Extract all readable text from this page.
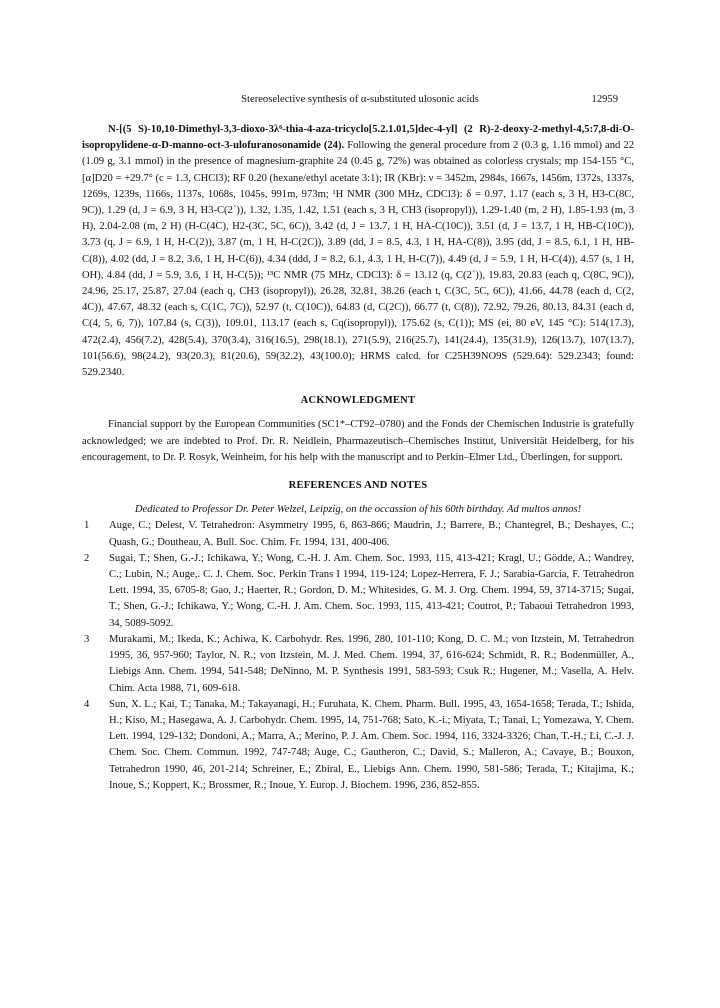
Stereoselective synthesis of α-substituted ulosonic acids	12959

N-[(5 S)-10,10-Dimethyl-3,3-dioxo-3λ⁶-thia-4-aza-tricyclo[5.2.1.01,5]dec-4-yl] (2 R)-2-deoxy-2-methyl-4,5:7,8-di-O-isopropylidene-α-D-manno-oct-3-ulofuranosonamide (24). Following the general procedure from 2 (0.3 g, 1.16 mmol) and 22 (1.09 g, 3.1 mmol) in the presence of magnesium-graphite 24 (0.45 g, 72%) was obtained as colorless crystals; mp 154-155 °C, [α]D20 = +29.7° (c = 1.3, CHCl3); RF 0.20 (hexane/ethyl acetate 3:1); IR (KBr): ν = 3452m, 2984s, 1667s, 1456m, 1372s, 1337s, 1269s, 1239s, 1166s, 1137s, 1068s, 1045s, 991m, 973m; ¹H NMR (300 MHz, CDCl3): δ = 0.97, 1.17 (each s, 3 H, H3-C(8C, 9C)), 1.29 (d, J = 6.9, 3 H, H3-C(2´)), 1.32, 1.35, 1.42, 1.51 (each s, 3 H, CH3 (isopropyl)), 1.29-1.40 (m, 2 H), 1.85-1.93 (m, 3 H), 2.04-2.08 (m, 2 H) (H-C(4C), H2-(3C, 5C, 6C)), 3.42 (d, J = 13.7, 1 H, HA-C(10C)), 3.51 (d, J = 13.7, 1 H, HB-C(10C)), 3.73 (q, J = 6.9, 1 H, H-C(2)), 3.87 (m, 1 H, H-C(2C)), 3.89 (dd, J = 8.5, 4.3, 1 H, HA-C(8)), 3.95 (dd, J = 8.5, 6.1, 1 H, HB-C(8)), 4.02 (dd, J = 8.2, 3.6, 1 H, H-C(6)), 4.34 (ddd, J = 8.2, 6.1, 4.3, 1 H, H-C(7)), 4.49 (d, J = 5.9, 1 H, H-C(4)), 4.57 (s, 1 H, OH), 4.84 (dd, J = 5.9, 3.6, 1 H, H-C(5)); ¹³C NMR (75 MHz, CDCl3): δ = 13.12 (q, C(2´)), 19.83, 20.83 (each q, C(8C, 9C)), 24.96, 25.17, 25.87, 27.04 (each q, CH3 (isopropyl)), 26.28, 32.81, 38.26 (each t, C(3C, 5C, 6C)), 41.66, 44.78 (each d, C(2, 4C)), 47.67, 48.32 (each s, C(1C, 7C)), 52.97 (t, C(10C)), 64.83 (d, C(2C)), 66.77 (t, C(8)), 72.92, 79.26, 80.13, 84.31 (each d, C(4, 5, 6, 7)), 107.84 (s, C(3)), 109.01, 113.17 (each s, Cq(isopropyl)), 175.62 (s, C(1)); MS (ei, 80 eV, 145 °C): 514(17.3), 472(2.4), 456(7.2), 428(5.4), 370(3.4), 316(16.5), 298(18.1), 271(5.9), 216(25.7), 141(24.4), 135(31.9), 126(13.7), 107(13.7), 101(56.6), 98(24.2), 93(20.3), 81(20.6), 59(32.2), 43(100.0); HRMS calcd. for C25H39NO9S (529.64): 529.2343; found: 529.2340.

ACKNOWLEDGMENT

Financial support by the European Communities (SC1*–CT92–0780) and the Fonds der Chemischen Industrie is gratefully acknowledged; we are indebted to Prof. Dr. R. Neidlein, Pharmazeutisch–Chemisches Institut, Universität Heidelberg, for his encouragement, to Dr. P. Rosyk, Weinheim, for his help with the manuscript and to Perkin–Elmer Ltd., Überlingen, for support.

REFERENCES AND NOTES

Dedicated to Professor Dr. Peter Welzel, Leipzig, on the occassion of his 60th birthday. Ad multos annos!

1 Auge, C.; Delest, V. Tetrahedron: Asymmetry 1995, 6, 863-866; Maudrin, J.; Barrere, B.; Chantegrel, B.; Deshayes, C.; Quash, G.; Doutheau, A. Bull. Soc. Chim. Fr. 1994, 131, 400-406.
2 Sugai, T.; Shen, G.-J.; Ichikawa, Y.; Wong, C.-H. J. Am. Chem. Soc. 1993, 115, 413-421; Kragl, U.; Gödde, A.; Wandrey, C.; Lubin, N.; Auge,. C. J. Chem. Soc. Perkin Trans I 1994, 119-124; Lopez-Herrera, F. J.; Sarabia-Garcia, F. Tetrahedron Lett. 1994, 35, 6705-8; Gao, J.; Haerter, R.; Gordon, D. M.; Whitesides, G. M. J. Org. Chem. 1994, 59, 3714-3715; Sugai, T.; Shen, G.-J.; Ichikawa, Y.; Wong, C.-H. J. Am. Chem. Soc. 1993, 115, 413-421; Coutrot, P.; Tabaoui Tetrahedron 1993, 34, 5089-5092.
3 Murakami, M.; Ikeda, K.; Achiwa, K. Carbohydr. Res. 1996, 280, 101-110; Kong, D. C. M.; von Itzstein, M. Tetrahedron 1995, 36, 957-960; Taylor, N. R.; von Itzstein, M. J. Med. Chem. 1994, 37, 616-624; Schmidt, R. R.; Bodenmüller, A., Liebigs Ann. Chem. 1994, 541-548; DeNinno, M. P. Synthesis 1991, 583-593; Csuk R.; Hugener, M.; Vasella, A. Helv. Chim. Acta 1988, 71, 609-618.
4 Sun, X. L.; Kai, T.; Tanaka, M.; Takayanagi, H.; Furuhata, K. Chem. Pharm. Bull. 1995, 43, 1654-1658; Terada, T.; Ishida, H.; Kiso, M.; Hasegawa, A. J. Carbohydr. Chem. 1995, 14, 751-768; Sato, K.-i.; Miyata, T.; Tanai, I.; Yomezawa, Y. Chem. Lett. 1994, 129-132; Dondoni, A.; Marra, A.; Merino, P. J. Am. Chem. Soc. 1994, 116, 3324-3326; Chan, T.-H.; Li, C.-J. J. Chem. Soc. Chem. Commun. 1992, 747-748; Auge, C.; Gautheron, C.; David, S.; Malleron, A.; Cavaye, B.; Bouxon, Tetrahedron 1990, 46, 201-214; Schreiner, E.; Zbiral, E., Liebigs Ann. Chem. 1990, 581-586; Terada, T.; Kitajima, K.; Inoue, S.; Koppert, K.; Brossmer, R.; Inoue, Y. Europ. J. Biochem. 1996, 236, 852-855.
